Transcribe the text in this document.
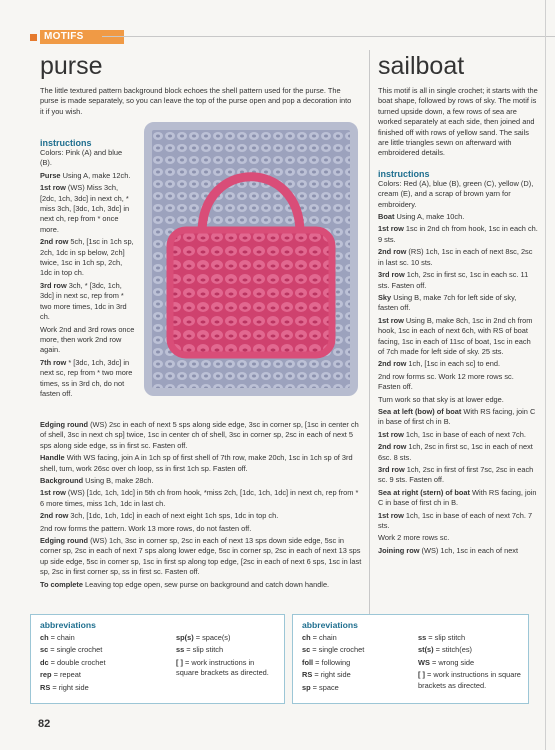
MOTIFS
purse
The little textured pattern background block echoes the shell pattern used for the purse. The purse is made separately, so you can leave the top of the purse open and pop a decoration into it if you wish.
instructions
Colors: Pink (A) and blue (B).
Purse Using A, make 12ch.
1st row (WS) Miss 3ch, [2dc, 1ch, 3dc] in next ch, * miss 3ch, [3dc, 1ch, 3dc] in next ch, rep from * once more.
2nd row 5ch, [1sc in 1ch sp, 2ch, 1dc in sp below, 2ch] twice, 1sc in 1ch sp, 2ch, 1dc in top ch.
3rd row 3ch, * [3dc, 1ch, 3dc] in next sc, rep from * two more times, 1dc in 3rd ch.
Work 2nd and 3rd rows once more, then work 2nd row again.
7th row * [3dc, 1ch, 3dc] in next sc, rep from * two more times, ss in 3rd ch, do not fasten off.
Edging round (WS) 2sc in each of next 5 sps along side edge, 3sc in corner sp, [1sc in center ch of shell, 3sc in next ch sp] twice, 1sc in center ch of shell, 3sc in corner sp, 2sc in each of next 5 sps along side edge, ss in first sc. Fasten off.
Handle With WS facing, join A in 1ch sp of first shell of 7th row, make 20ch, 1sc in 1ch sp of 3rd shell, turn, work 26sc over ch loop, ss in first 1ch sp. Fasten off.
Background Using B, make 28ch.
1st row (WS) [1dc, 1ch, 1dc] in 5th ch from hook, *miss 2ch, [1dc, 1ch, 1dc] in next ch, rep from * 6 more times, miss 1ch, 1dc in last ch.
2nd row 3ch, [1dc, 1ch, 1dc] in each of next eight 1ch sps, 1dc in top ch.
2nd row forms the pattern. Work 13 more rows, do not fasten off.
Edging round (WS) 1ch, 3sc in corner sp, 2sc in each of next 13 sps down side edge, 5sc in corner sp, 2sc in each of next 7 sps along lower edge, 5sc in corner sp, 2sc in each of next 13 sps up side edge, 5sc in corner sp, 1sc in first sp along top edge, [2sc in each of next 6 sps, 1sc in last sp, 2sc in first corner sp, ss in first sc. Fasten off.
To complete Leaving top edge open, sew purse on background and catch down handle.
sailboat
This motif is all in single crochet; it starts with the boat shape, followed by rows of sky. The motif is turned upside down, a few rows of sea are worked separately at each side, then joined and finished off with rows of yellow sand. The sails are little triangles sewn on afterward with embroidered details.
instructions
Colors: Red (A), blue (B), green (C), yellow (D), cream (E), and a scrap of brown yarn for embroidery.
Boat Using A, make 10ch.
1st row 1sc in 2nd ch from hook, 1sc in each ch. 9 sts.
2nd row (RS) 1ch, 1sc in each of next 8sc, 2sc in last sc. 10 sts.
3rd row 1ch, 2sc in first sc, 1sc in each sc. 11 sts. Fasten off.
Sky Using B, make 7ch for left side of sky, fasten off.
1st row Using B, make 8ch, 1sc in 2nd ch from hook, 1sc in each of next 6ch, with RS of boat facing, 1sc in each of 11sc of boat, 1sc in each of 7ch made for left side of sky. 25 sts.
2nd row 1ch, [1sc in each sc] to end.
2nd row forms sc. Work 12 more rows sc. Fasten off.
Turn work so that sky is at lower edge.
Sea at left (bow) of boat With RS facing, join C in base of first ch in B.
1st row 1ch, 1sc in base of each of next 7ch.
2nd row 1ch, 2sc in first sc, 1sc in each of next 6sc. 8 sts.
3rd row 1ch, 2sc in first of first 7sc, 2sc in each sc. 9 sts. Fasten off.
Sea at right (stern) of boat With RS facing, join C in base of first ch in B.
1st row 1ch, 1sc in base of each of next 7ch. 7 sts.
Work 2 more rows sc.
Joining row (WS) 1ch, 1sc in each of next
abbreviations
ch = chain
sc = single crochet
dc = double crochet
rep = repeat
RS = right side
sp(s) = space(s)
ss = slip stitch
[ ] = work instructions in square brackets as directed.
abbreviations
ch = chain
sc = single crochet
foll = following
RS = right side
sp = space
ss = slip stitch
st(s) = stitch(es)
WS = wrong side
[ ] = work instructions in square brackets as directed.
82
